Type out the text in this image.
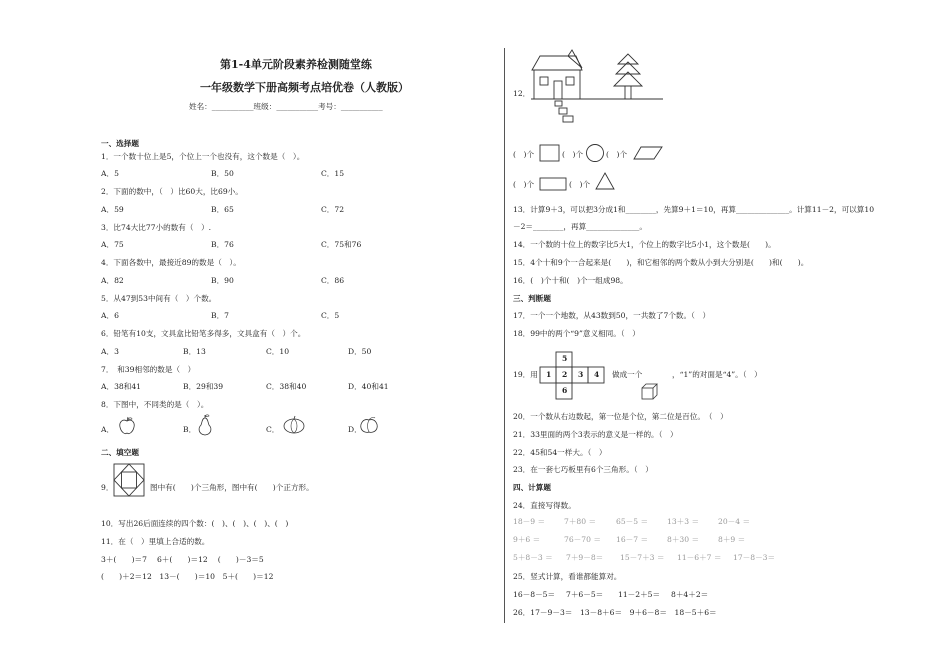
第1-4单元阶段素养检测随堂练
一年级数学下册高频考点培优卷（人教版）
姓名：___________班级：___________考号：___________
一、选择题
1．一个数十位上是5，个位上一个也没有，这个数是（　）。
A．5	B．50	C．15
2．下面的数中，（　）比60大，比69小。
A．59	B．65	C．72
3．比74大比77小的数有（　）.
A．75	B．76	C．75和76
4．下面各数中，最接近89的数是（　）。
A．82	B．90	C．86
5．从47到53中间有（　）个数。
A．6	B．7	C．5
6．铅笔有10支，文具盒比铅笔多得多，文具盒有（　）个。
A．3	B．13	C．10	D．50
7．　和39相邻的数是（　）
A．38和41	B．29和39	C．38和40	D．40和41
8．下图中，不同类的是（　）。
A．	B．	C．	D．
二、填空题
9．	图中有(　　)个三角形，图中有(　　)个正方形。
10．写出26后面连续的四个数：(　)、(　)、(　)、(　)
11．在（　）里填上合适的数。
3＋(　　)＝7　 6＋(　　)＝12　 (　　)－3＝5
(　　)＋2＝12　13－(　　)＝10　5＋(　　)＝12
12．
(　)个	(　)个	(　)个
(　)个	(　)个
13．计算9＋3，可以把3分成1和________，先算9＋1＝10，再算______________。计算11－2，可以算10
－2＝________，再算______________。
14．一个数的十位上的数字比5大1，个位上的数字比5小1，这个数是(　　)。
15．4个十和9个一合起来是(　　)，和它相邻的两个数从小到大分别是(　　)和(　　)。
16．(　)个十和(　)个一组成98。
三、判断题
17．一个一个地数，从43数到50，一共数了7个数。（　）
18．99中的两个“9”意义相同。（　）
19．用
5
1 2 3 4
6
做成一个	，“1”的对面是“4”。（　）
20．一个数从右边数起，第一位是个位，第二位是百位。　（　）
21．33里面的两个3表示的意义是一样的。（　）
22．45和54一样大。（　）
23．在一套七巧板里有6个三角形。（　）
四、计算题
24．直接写得数。
18－9 ＝ 7＋80 ＝	65－5 ＝ 13＋3 ＝ 20－4 ＝
9＋6 ＝	76－70 ＝ 16－7 ＝ 8＋30 ＝ 8＋9 ＝
5＋8－3 ＝ 7＋9－8＝ 15－7＋3 ＝ 11－6＋7 ＝ 17－8－3＝
25．竖式计算，看谁都能算对。
16－8－5＝ 7＋6－5＝ 11－2＋5＝ 8＋4＋2＝
26．17－9－3＝　13－8＋6＝　9＋6－8＝　18－5＋6＝
